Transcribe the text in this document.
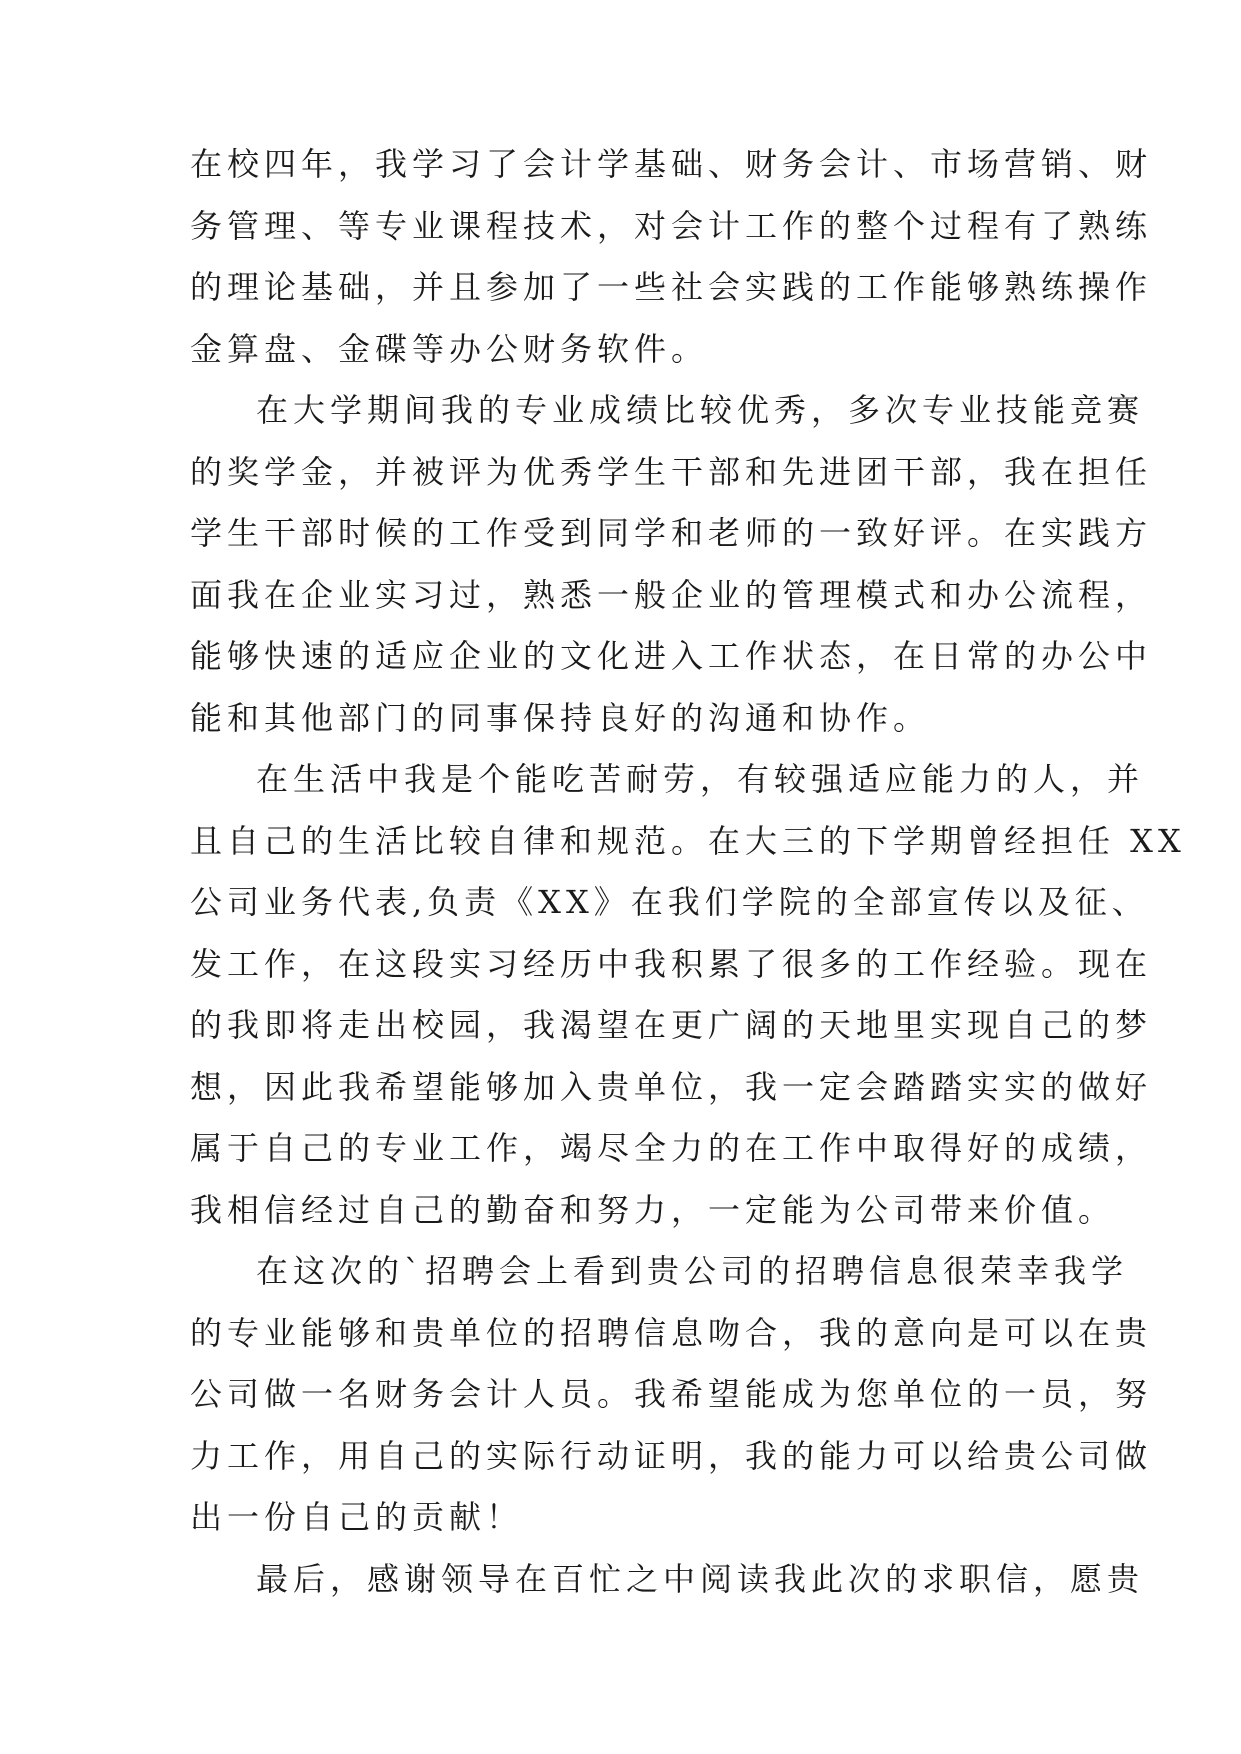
在校四年，我学习了会计学基础、财务会计、市场营销、财
务管理、等专业课程技术，对会计工作的整个过程有了熟练
的理论基础，并且参加了一些社会实践的工作能够熟练操作
金算盘、金碟等办公财务软件。

在大学期间我的专业成绩比较优秀，多次专业技能竞赛
的奖学金，并被评为优秀学生干部和先进团干部，我在担任
学生干部时候的工作受到同学和老师的一致好评。在实践方
面我在企业实习过，熟悉一般企业的管理模式和办公流程，
能够快速的适应企业的文化进入工作状态，在日常的办公中
能和其他部门的同事保持良好的沟通和协作。

在生活中我是个能吃苦耐劳，有较强适应能力的人，并
且自己的生活比较自律和规范。在大三的下学期曾经担任 XX
公司业务代表,负责《XX》在我们学院的全部宣传以及征、
发工作，在这段实习经历中我积累了很多的工作经验。现在
的我即将走出校园，我渴望在更广阔的天地里实现自己的梦
想，因此我希望能够加入贵单位，我一定会踏踏实实的做好
属于自己的专业工作，竭尽全力的在工作中取得好的成绩，
我相信经过自己的勤奋和努力，一定能为公司带来价值。

在这次的`招聘会上看到贵公司的招聘信息很荣幸我学
的专业能够和贵单位的招聘信息吻合，我的意向是可以在贵
公司做一名财务会计人员。我希望能成为您单位的一员，努
力工作，用自己的实际行动证明，我的能力可以给贵公司做
出一份自己的贡献！

最后，感谢领导在百忙之中阅读我此次的求职信，愿贵
